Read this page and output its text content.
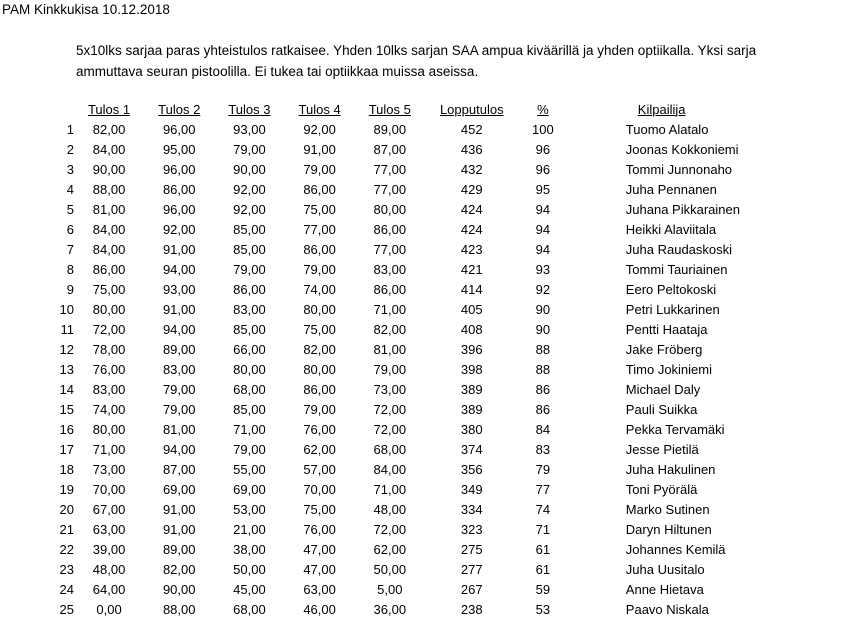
PAM Kinkkukisa 10.12.2018
5x10lks sarjaa paras yhteistulos ratkaisee. Yhden 10lks sarjan SAA ampua kiväärillä ja yhden optiikalla. Yksi sarja ammuttava seuran pistoolilla. Ei tukea tai optiikkaa muissa aseissa.
	Tulos 1	Tulos 2	Tulos 3	Tulos 4	Tulos 5	Lopputulos	%		Kilpailija
1	82,00	96,00	93,00	92,00	89,00	452	100		Tuomo Alatalo
2	84,00	95,00	79,00	91,00	87,00	436	96		Joonas Kokkoniemi
3	90,00	96,00	90,00	79,00	77,00	432	96		Tommi Junnonaho
4	88,00	86,00	92,00	86,00	77,00	429	95		Juha Pennanen
5	81,00	96,00	92,00	75,00	80,00	424	94		Juhana Pikkarainen
6	84,00	92,00	85,00	77,00	86,00	424	94		Heikki Alaviitala
7	84,00	91,00	85,00	86,00	77,00	423	94		Juha Raudaskoski
8	86,00	94,00	79,00	79,00	83,00	421	93		Tommi Tauriainen
9	75,00	93,00	86,00	74,00	86,00	414	92		Eero Peltokoski
10	80,00	91,00	83,00	80,00	71,00	405	90		Petri Lukkarinen
11	72,00	94,00	85,00	75,00	82,00	408	90		Pentti Haataja
12	78,00	89,00	66,00	82,00	81,00	396	88		Jake Fröberg
13	76,00	83,00	80,00	80,00	79,00	398	88		Timo Jokiniemi
14	83,00	79,00	68,00	86,00	73,00	389	86		Michael Daly
15	74,00	79,00	85,00	79,00	72,00	389	86		Pauli Suikka
16	80,00	81,00	71,00	76,00	72,00	380	84		Pekka Tervamäki
17	71,00	94,00	79,00	62,00	68,00	374	83		Jesse Pietilä
18	73,00	87,00	55,00	57,00	84,00	356	79		Juha Hakulinen
19	70,00	69,00	69,00	70,00	71,00	349	77		Toni Pyörälä
20	67,00	91,00	53,00	75,00	48,00	334	74		Marko Sutinen
21	63,00	91,00	21,00	76,00	72,00	323	71		Daryn Hiltunen
22	39,00	89,00	38,00	47,00	62,00	275	61		Johannes Kemilä
23	48,00	82,00	50,00	47,00	50,00	277	61		Juha Uusitalo
24	64,00	90,00	45,00	63,00	5,00	267	59		Anne Hietava
25	0,00	88,00	68,00	46,00	36,00	238	53		Paavo Niskala
